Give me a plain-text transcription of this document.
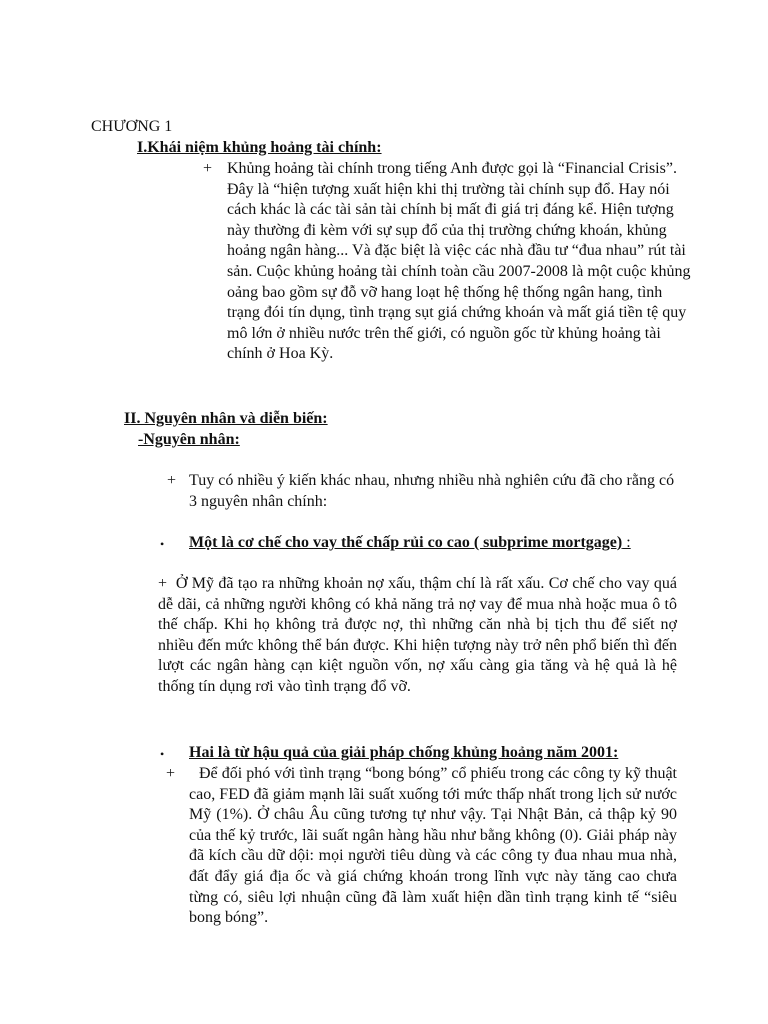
CHƯƠNG 1
I.Khái niệm khủng hoảng tài chính:
+ Khủng hoảng tài chính trong tiếng Anh được gọi là “Financial Crisis”. Đây là “hiện tượng xuất hiện khi thị trường tài chính sụp đổ. Hay nói cách khác là các tài sản tài chính bị mất đi giá trị đáng kể. Hiện tượng này thường đi kèm với sự sụp đổ của thị trường chứng khoán, khủng hoảng ngân hàng... Và đặc biệt là việc các nhà đầu tư “đua nhau” rút tài sản. Cuộc khủng hoảng tài chính toàn cầu 2007-2008 là một cuộc khủng oảng bao gồm sự đỗ vỡ hang loạt hệ thống hệ thống ngân hang, tình trạng đói tín dụng, tình trạng sụt giá chứng khoán và mất giá tiền tệ quy mô lớn ở nhiều nước trên thế giới, có nguồn gốc từ khủng hoảng tài chính ở Hoa Kỳ.
II. Nguyên nhân và diễn biến:
-Nguyên nhân:
+ Tuy có nhiều ý kiến khác nhau, nhưng nhiều nhà nghiên cứu đã cho rằng có 3 nguyên nhân chính:
• Một là cơ chế cho vay thế chấp rủi co cao ( subprime mortgage) :
+ Ở Mỹ đã tạo ra những khoản nợ xấu, thậm chí là rất xấu. Cơ chế cho vay quá dễ dãi, cả những người không có khả năng trả nợ vay để mua nhà hoặc mua ô tô thế chấp. Khi họ không trả được nợ, thì những căn nhà bị tịch thu để siết nợ nhiều đến mức không thể bán được. Khi hiện tượng này trở nên phổ biến thì đến lượt các ngân hàng cạn kiệt nguồn vốn, nợ xấu càng gia tăng và hệ quả là hệ thống tín dụng rơi vào tình trạng đổ vỡ.
• Hai là từ hậu quả của giải pháp chống khủng hoảng năm 2001:
+	Để đối phó với tình trạng “bong bóng” cổ phiếu trong các công ty kỹ thuật cao, FED đã giảm mạnh lãi suất xuống tới mức thấp nhất trong lịch sử nước Mỹ (1%). Ở châu Âu cũng tương tự như vậy. Tại Nhật Bản, cả thập kỷ 90 của thế kỷ trước, lãi suất ngân hàng hầu như bằng không (0). Giải pháp này đã kích cầu dữ dội: mọi người tiêu dùng và các công ty đua nhau mua nhà, đất đẩy giá địa ốc và giá chứng khoán trong lĩnh vực này tăng cao chưa từng có, siêu lợi nhuận cũng đã làm xuất hiện dần tình trạng kinh tế “siêu bong bóng”.
